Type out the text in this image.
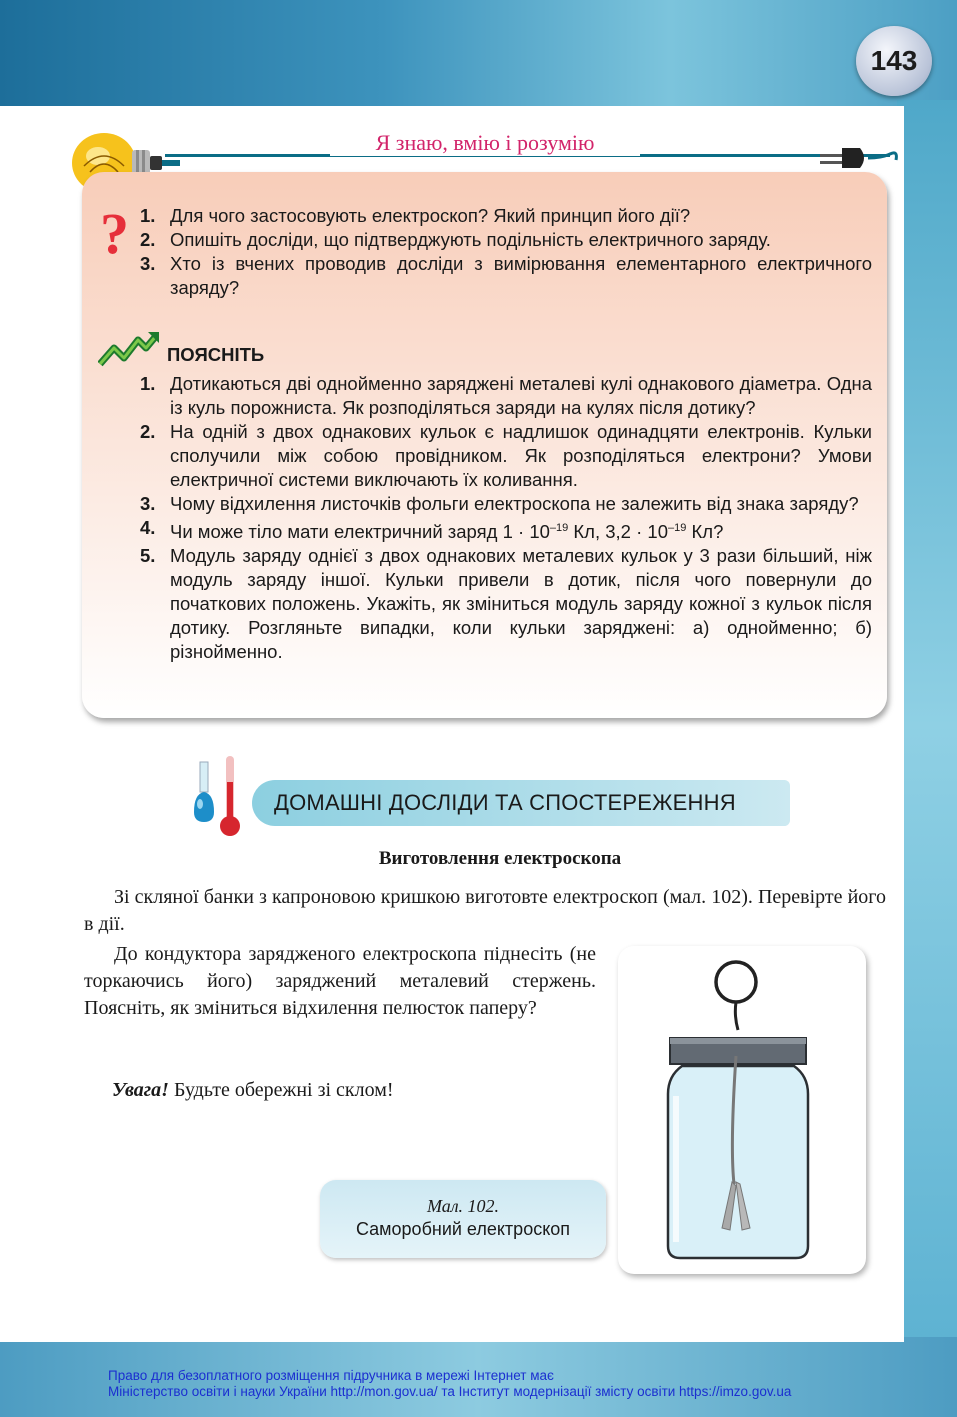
143
Я знаю, вмію і розумію
? 1. Для чого застосовують електроскоп? Який принцип його дії?
2. Опишіть досліди, що підтверджують подільність електричного заряду.
3. Хто із вчених проводив досліди з вимірювання елементарного електричного заряду?
ПОЯСНІТЬ
1. Дотикаються дві однойменно заряджені металеві кулі однакового діаметра. Одна із куль порожниста. Як розподіляться заряди на кулях після дотику?
2. На одній з двох однакових кульок є надлишок одинадцяти електронів. Кульки сполучили між собою провідником. Як розподіляться електрони? Умови електричної системи виключають їх коливання.
3. Чому відхилення листочків фольги електроскопа не залежить від знака заряду?
4. Чи може тіло мати електричний заряд $1 \cdot 10^{-19}$ Кл, $3,2 \cdot 10^{-19}$ Кл?
5. Модуль заряду однієї з двох однакових металевих кульок у 3 рази більший, ніж модуль заряду іншої. Кульки привели в дотик, після чого повернули до початкових положень. Укажіть, як зміниться модуль заряду кожної з кульок після дотику. Розгляньте випадки, коли кульки заряджені: а) однойменно; б) різнойменно.
ДОМАШНІ ДОСЛІДИ ТА СПОСТЕРЕЖЕННЯ
Виготовлення електроскопа

Зі скляної банки з капроновою кришкою виготовте електроскоп (мал. 102). Перевірте його в дії.

До кондуктора зарядженого електроскопа піднесіть (не торкаючись його) заряджений металевий стержень. Поясніть, як зміниться відхилення пелюсток паперу?

Увага! Будьте обережні зі склом!

Мал. 102.
Саморобний електроскоп
Право для безоплатного розміщення підручника в мережі Інтернет має
Міністерство освіти і науки України http://mon.gov.ua/ та Інститут модернізації змісту освіти https://imzo.gov.ua
